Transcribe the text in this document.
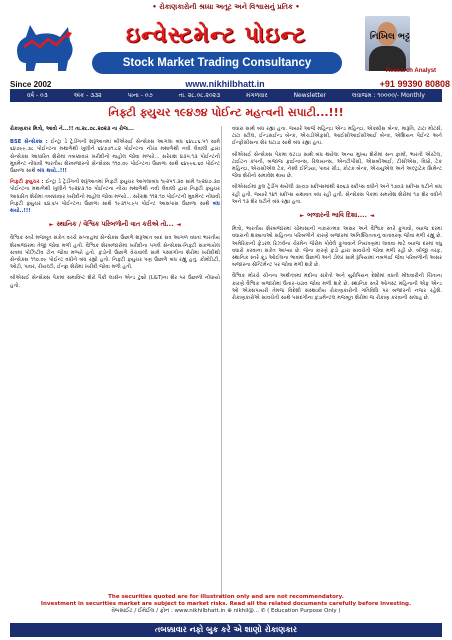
• રોકાણકારોની શ્રધ્ધા અતૂટ અને વિશ્વાસનું પ્રતિક •
Since 2002
ઇન્વેસ્ટમેન્ટ પોઇન્ટ
Stock Market Trading Consultancy
www.nikhilbhatt.in
નિખિલ ભટ્ટ
Research Analyst
+91 99390 80808
વર્ષ - ૦૩	અંક - ૩૩૨	પાના - ૦૭	તા. ૨૮.૦૮.૨૦૨૩	મંગળવાર	Newsletter	લવાજમ : ૧૦૦૦૦/- Monthly
નિફ્ટી ફ્યુચર ૧૯૪૭૪ પોઈન્ટ મહત્વની સપાટી...!!!

રોકાણકાર મિત્રો, આવો ને...!! તા.૨૮.૦૮.૨૦૨૩ ના રોજ...

BSE સેન્સેક્સ : ઈન્ટ્રા ડે ટ્રેડીંગની શરૂઆતમાં બીએસઈ સેન્સેક્સ આગલા બંધ ૬૪૮૮૬.૫૧ સામે ૬૪૭૯૯.૭૮ પોઈન્ટના મથાળેથી ખુલીને ૬૪૭૭૧.૮૨ પોઈન્ટના નીચા મથાળેથી નવી લેવાલી દ્વારા સેન્સેક્સ આધારિત શેરોમાં તબક્કાવાર ખરીદીનો માહોલ જોવા મળ્યો... સરેરાશ ૪૩૫.૧૩ પોઈન્ટની મુવમેન્ટ નોંધાવી ભારતીય શેરબજારનો સેન્સેક્સ ૧૧૦.૦૯ પોઈન્ટના ઉછાળા સાથે ૬૪૯૯૬.૬૦ પોઈન્ટ ઉછાળા સાથે બંધ થયો..!!!

નિફ્ટી ફ્યુચર : ઈન્ટ્રા ડે ટ્રેડીંગની શરૂઆતમાં નિફ્ટી ફ્યુચર આગલાબંધ ૧૯૨૫૧.૩૦ સામે ૧૯૨૪૭.૩૦ પોઈન્ટના મથાળેથી ખુલીને ૧૯૨૪૩.૧૦ પોઈન્ટના નીચા મથાળેથી નવી લેવાલી દ્વારા નિફ્ટી ફ્યુચર આધારિત શેરોમાં તબક્કાવાર ખરીદીનો માહોલ જોવા મળ્યો... સરેરાશ ૧૧૨.૧૦ પોઈન્ટની મુવમેન્ટ નોંધાવી નિફ્ટી ફ્યુચર ૬૪.૬૫ પોઈન્ટના ઉછાળા સાથે ૧૯૩૧૫.૯૫ પોઈન્ટ આસપાસ ઉછાળા સાથે બંધ થયો..!!!

► સ્થાનિક / વૈશ્વિક પરિબળોની વાત કરીએ તો... ◄

વૈશ્વિક સ્તરે મજબૂત સંકેત વચ્ચે સપ્તાહમાં સેન્સેક્સ ઉછાળે શરૂઆત બાદ સત્ર આગળ વધતાં ભારતીય શેરબજારમાં તેજી જોવા મળી હતી. વૈશ્વિક શેરબજારોમાં ખરીદીના પગલે સેન્સેક્સ-નિફ્ટી સંકળાયેલ સત્રમાં પોઝિટીવ ટોન જોવા મળ્યો હતો. ફંડોની ઉછાળે વેચવાલી સામે પસંદગીના શેરોમાં ખરીદીથી સેન્સેક્સ ૧૧૦.૦૯ પોઈન્ટ વધીને બંધ રહ્યો હતો. નિફ્ટી ફ્યુચર પણ ઉછાળે બંધ રહ્યું હતું. કોમોડિટી, ઓટો, પાવર, રીયલ્ટી, ઈન્ફ્રા શેરોમાં ખરીદી જોવા મળી હતી.

બીએસઈ સેન્સેક્સ પેકમાં સમાવિષ્ટ શેરો પૈકી લાર્સન એન્ડ ટુબ્રો (L&T)ના શેર પર ઉછાળો નોંધાયો હતો.

વધારા સાથે બંધ રહ્યા હતા. જ્યારે આજે મહિન્દ્રા એન્ડ મહિન્દ્રા, એક્સીસ બેન્ક, મારૂતિ, ટાટા મોટર્સ, ટાટા સ્ટીલ, ઈન્ડસઈન્ડ બેન્ક, એચડીએફસી, આઈસીઆઈસીઆઈ બેન્ક, એશિયન પેઈન્ટ અને ઈન્ફોસીસના શેર ઘટાડા સાથે બંધ રહ્યા હતા.

બીએસઈ સેન્સેક્સ પેકમાં ઘટાડા સાથે બંધ થયેલા અન્ય મુખ્ય શેરોમાં સન ફાર્મા, ભારતી એરટેલ, ટાઈટન કંપની, બજાજ ફાઈનાન્સ, રિલાયન્સ, એનટીપીસી, એસબીઆઈ, ટીસીએસ, વિપ્રો, ટેક મહિન્દ્રા, એચસીએલ ટેક, નેસ્લે ઈન્ડિયા, પાવર ગ્રીડ, કોટક બેન્ક, એચયુએલ અને અલ્ટ્રાટેક સિમેન્ટ જેવા શેરોનો સમાવેશ થાય છે.

બીએસઈમાં કુલ ટ્રેડીંગ થયેલી ૩૯૦૭ સ્ક્રીપ્સમાંથી ૨૦૬૩ સ્ક્રીપ્સ વધીને અને ૧૭૦૩ સ્ક્રીપ્સ ઘટીને બંધ રહી હતી. જ્યારે ૧૪૧ સ્ક્રીપ્સ યથાવત બંધ રહી હતી. સેન્સેક્સ પેકમાં સમાવેશ શેરોમાં ૧૭ શેર વધીને અને ૧૩ શેર ઘટીને બંધ રહ્યા હતા.

► બજારની ભાવિ દિશા.... ◄

મિત્રો, ભારતીય શેરબજારમાં ચોમાસાની નકારાત્મક અસર અને વૈશ્વિક સ્તરે ફુગાવો, વ્યાજ દરમાં વધારાની શક્યતાઓ સહિતના પરિબળોને કારણે બજારમાં અનિશ્ચિતતાનું વાતાવરણ જોવા મળી રહ્યું છે. અમેરિકાની ફેડરલ રિઝર્વના ચેરમેન જેરોમ પોવેલે ફુગાવાને નિયંત્રણમાં લાવવા માટે વ્યાજ દરમાં વધુ વધારો કરવાના સંકેત આપ્યા છે. જેના કારણે ફંડો દ્વારા સાવચેતી જોવા મળી રહી છે. બીજી તરફ, સ્થાનિક સ્તરે ક્રૂડ ઓઈલના ભાવમાં ઉછાળો અને ડોલર સામે રૂપિયામાં નબળાઈ જેવા પરિબળોની અસર બજારના સેન્ટિમેન્ટ પર જોવા મળી શકે છે.

વૈશ્વિક મોરચે ચીનના અર્થતંત્રમાં મંદીના સંકેતો અને યુરોપિયન દેશોમાં વધતી મોંઘવારીની ચિંતાના કારણે વૈશ્વિક બજારોમાં ઉતાર-ચઢાવ જોવા મળી શકે છે. સ્થાનિક સ્તરે ઓગસ્ટ મહિનાની એફ એન્ડ ઓ એક્સપાયરી તેમજ વિદેશી સંસ્થાકીય રોકાણકારોની ગતિવિધિ પર બજારની નજર રહેશે. રોકાણકારોએ સાવચેતી સાથે પસંદગીના ફંડામેન્ટલ મજબૂત શેરોમાં જ રોકાણ કરવાની સલાહ છે.

The securities quoted are for illustration only and are not recommendatory.
Investment in securities market are subject to market risks. Read all the related documents carefully before investing.
વેબસાઈટ / ઈમેઈલ / ફોન : www.nikhilbhatt.in ⊕ nikhil@... ✆ ( Education Purpose Only )
તબક્કાવાર નફો બુક કરે એ શાણો રોકાણકાર
